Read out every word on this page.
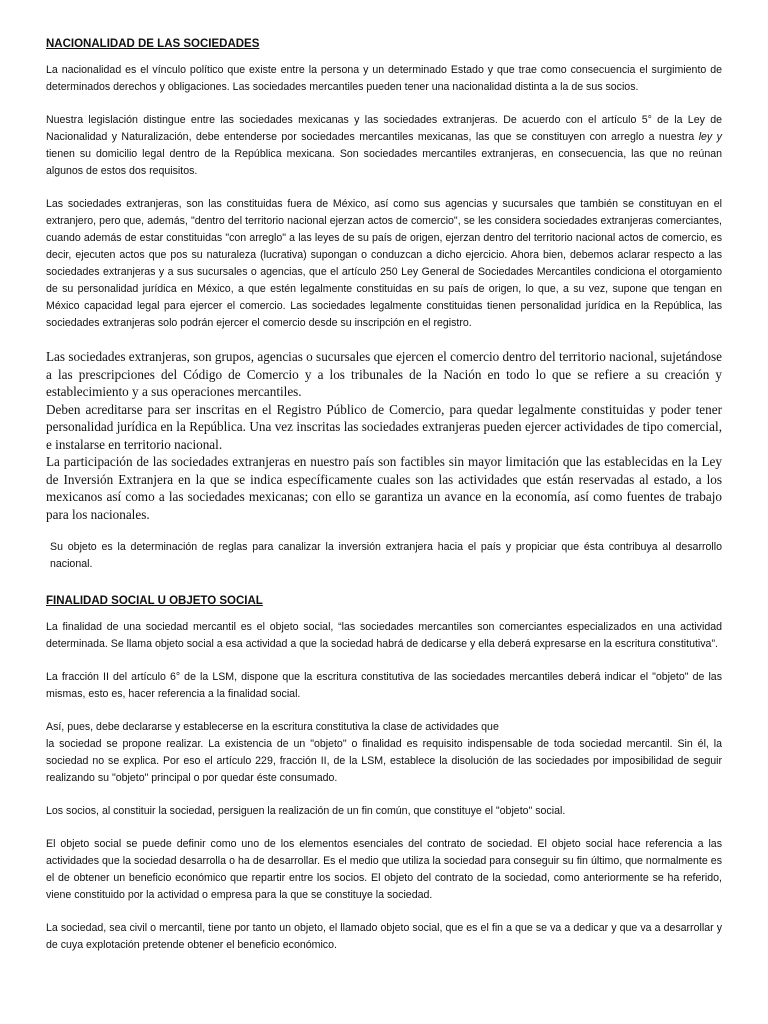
NACIONALIDAD DE LAS SOCIEDADES

La nacionalidad es el vínculo político que existe entre la persona y un determinado Estado y que trae como consecuencia el surgimiento de determinados derechos y obligaciones. Las sociedades mercantiles pueden tener una nacionalidad distinta a la de sus socios.

Nuestra legislación distingue entre las sociedades mexicanas y las sociedades extranjeras. De acuerdo con el artículo 5° de la Ley de Nacionalidad y Naturalización, debe entenderse por sociedades mercantiles mexicanas, las que se constituyen con arreglo a nuestra ley y tienen su domicilio legal dentro de la República mexicana. Son sociedades mercantiles extranjeras, en consecuencia, las que no reúnan algunos de estos dos requisitos.

Las sociedades extranjeras, son las constituidas fuera de México, así como sus agencias y sucursales que también se constituyan en el extranjero, pero que, además, "dentro del territorio nacional ejerzan actos de comercio", se les considera sociedades extranjeras comerciantes, cuando además de estar constituidas "con arreglo" a las leyes de su país de origen, ejerzan dentro del territorio nacional actos de comercio, es decir, ejecuten actos que pos su naturaleza (lucrativa) supongan o conduzcan a dicho ejercicio. Ahora bien, debemos aclarar respecto a las sociedades extranjeras y a sus sucursales o agencias, que el artículo 250 Ley General de Sociedades Mercantiles condiciona el otorgamiento de su personalidad jurídica en México, a que estén legalmente constituidas en su país de origen, lo que, a su vez, supone que tengan en México capacidad legal para ejercer el comercio. Las sociedades legalmente constituidas tienen personalidad jurídica en la República, las sociedades extranjeras solo podrán ejercer el comercio desde su inscripción en el registro.

Las sociedades extranjeras, son grupos, agencias o sucursales que ejercen el comercio dentro del territorio nacional, sujetándose a las prescripciones del Código de Comercio y a los tribunales de la Nación en todo lo que se refiere a su creación y establecimiento y a sus operaciones mercantiles.

Deben acreditarse para ser inscritas en el Registro Público de Comercio, para quedar legalmente constituidas y poder tener personalidad jurídica en la República. Una vez inscritas las sociedades extranjeras pueden ejercer actividades de tipo comercial, e instalarse en territorio nacional.

La participación de las sociedades extranjeras en nuestro país son factibles sin mayor limitación que las establecidas en la Ley de Inversión Extranjera en la que se indica específicamente cuales son las actividades que están reservadas al estado, a los mexicanos así como a las sociedades mexicanas; con ello se garantiza un avance en la economía, así como fuentes de trabajo para los nacionales.

Su objeto es la determinación de reglas para canalizar la inversión extranjera hacia el país y propiciar que ésta contribuya al desarrollo nacional.

FINALIDAD SOCIAL U OBJETO SOCIAL

La finalidad de una sociedad mercantil es el objeto social, “las sociedades mercantiles son comerciantes especializados en una actividad determinada. Se llama objeto social a esa actividad a que la sociedad habrá de dedicarse y ella deberá expresarse en la escritura constitutiva”.

La fracción II del artículo 6° de la LSM, dispone que la escritura constitutiva de las sociedades mercantiles deberá indicar el "objeto" de las mismas, esto es, hacer referencia a la finalidad social.

Así, pues, debe declararse y establecerse en la escritura constitutiva la clase de actividades que

la sociedad se propone realizar. La existencia de un "objeto" o finalidad es requisito indispensable de toda sociedad mercantil. Sin él, la sociedad no se explica. Por eso el artículo 229, fracción II, de la LSM, establece la disolución de las sociedades por imposibilidad de seguir realizando su "objeto" principal o por quedar éste consumado.

Los socios, al constituir la sociedad, persiguen la realización de un fin común, que constituye el "objeto" social.

El objeto social se puede definir como uno de los elementos esenciales del contrato de sociedad. El objeto social hace referencia a las actividades que la sociedad desarrolla o ha de desarrollar. Es el medio que utiliza la sociedad para conseguir su fin último, que normalmente es el de obtener un beneficio económico que repartir entre los socios. El objeto del contrato de la sociedad, como anteriormente se ha referido, viene constituido por la actividad o empresa para la que se constituye la sociedad.

La sociedad, sea civil o mercantil, tiene por tanto un objeto, el llamado objeto social, que es el fin a que se va a dedicar y que va a desarrollar y de cuya explotación pretende obtener el beneficio económico.
